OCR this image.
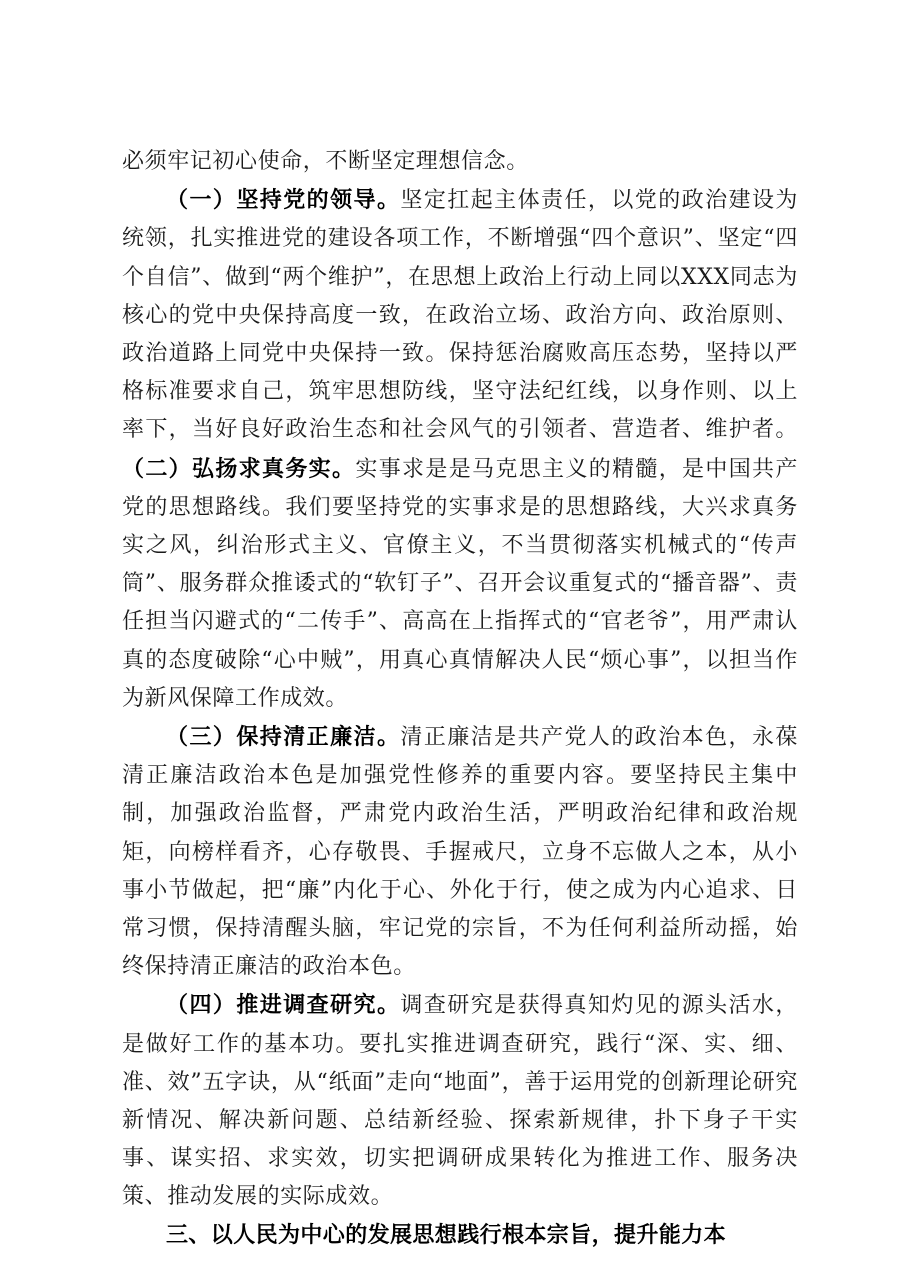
必须牢记初心使命，不断坚定理想信念。

（一）坚持党的领导。坚定扛起主体责任，以党的政治建设为统领，扎实推进党的建设各项工作，不断增强“四个意识”、坚定“四个自信”、做到“两个维护”，在思想上政治上行动上同以XXX同志为核心的党中央保持高度一致，在政治立场、政治方向、政治原则、政治道路上同党中央保持一致。保持惩治腐败高压态势，坚持以严格标准要求自己，筑牢思想防线，坚守法纪红线，以身作则、以上率下，当好良好政治生态和社会风气的引领者、营造者、维护者。（二）弘扬求真务实。实事求是是马克思主义的精髓，是中国共产党的思想路线。我们要坚持党的实事求是的思想路线，大兴求真务实之风，纠治形式主义、官僚主义，不当贯彻落实机械式的“传声筒”、服务群众推诿式的“软钉子”、召开会议重复式的“播音器”、责任担当闪避式的“二传手”、高高在上指挥式的“官老爷”，用严肃认真的态度破除“心中贼”，用真心真情解决人民“烦心事”，以担当作为新风保障工作成效。

（三）保持清正廉洁。清正廉洁是共产党人的政治本色，永葆清正廉洁政治本色是加强党性修养的重要内容。要坚持民主集中制，加强政治监督，严肃党内政治生活，严明政治纪律和政治规矩，向榜样看齐，心存敬畏、手握戒尺，立身不忘做人之本，从小事小节做起，把“廉”内化于心、外化于行，使之成为内心追求、日常习惯，保持清醒头脑，牢记党的宗旨，不为任何利益所动摇，始终保持清正廉洁的政治本色。

（四）推进调查研究。调查研究是获得真知灼见的源头活水，是做好工作的基本功。要扎实推进调查研究，践行“深、实、细、准、效”五字诀，从“纸面”走向“地面”，善于运用党的创新理论研究新情况、解决新问题、总结新经验、探索新规律，扑下身子干实事、谋实招、求实效，切实把调研成果转化为推进工作、服务决策、推动发展的实际成效。

三、以人民为中心的发展思想践行根本宗旨，提升能力本
